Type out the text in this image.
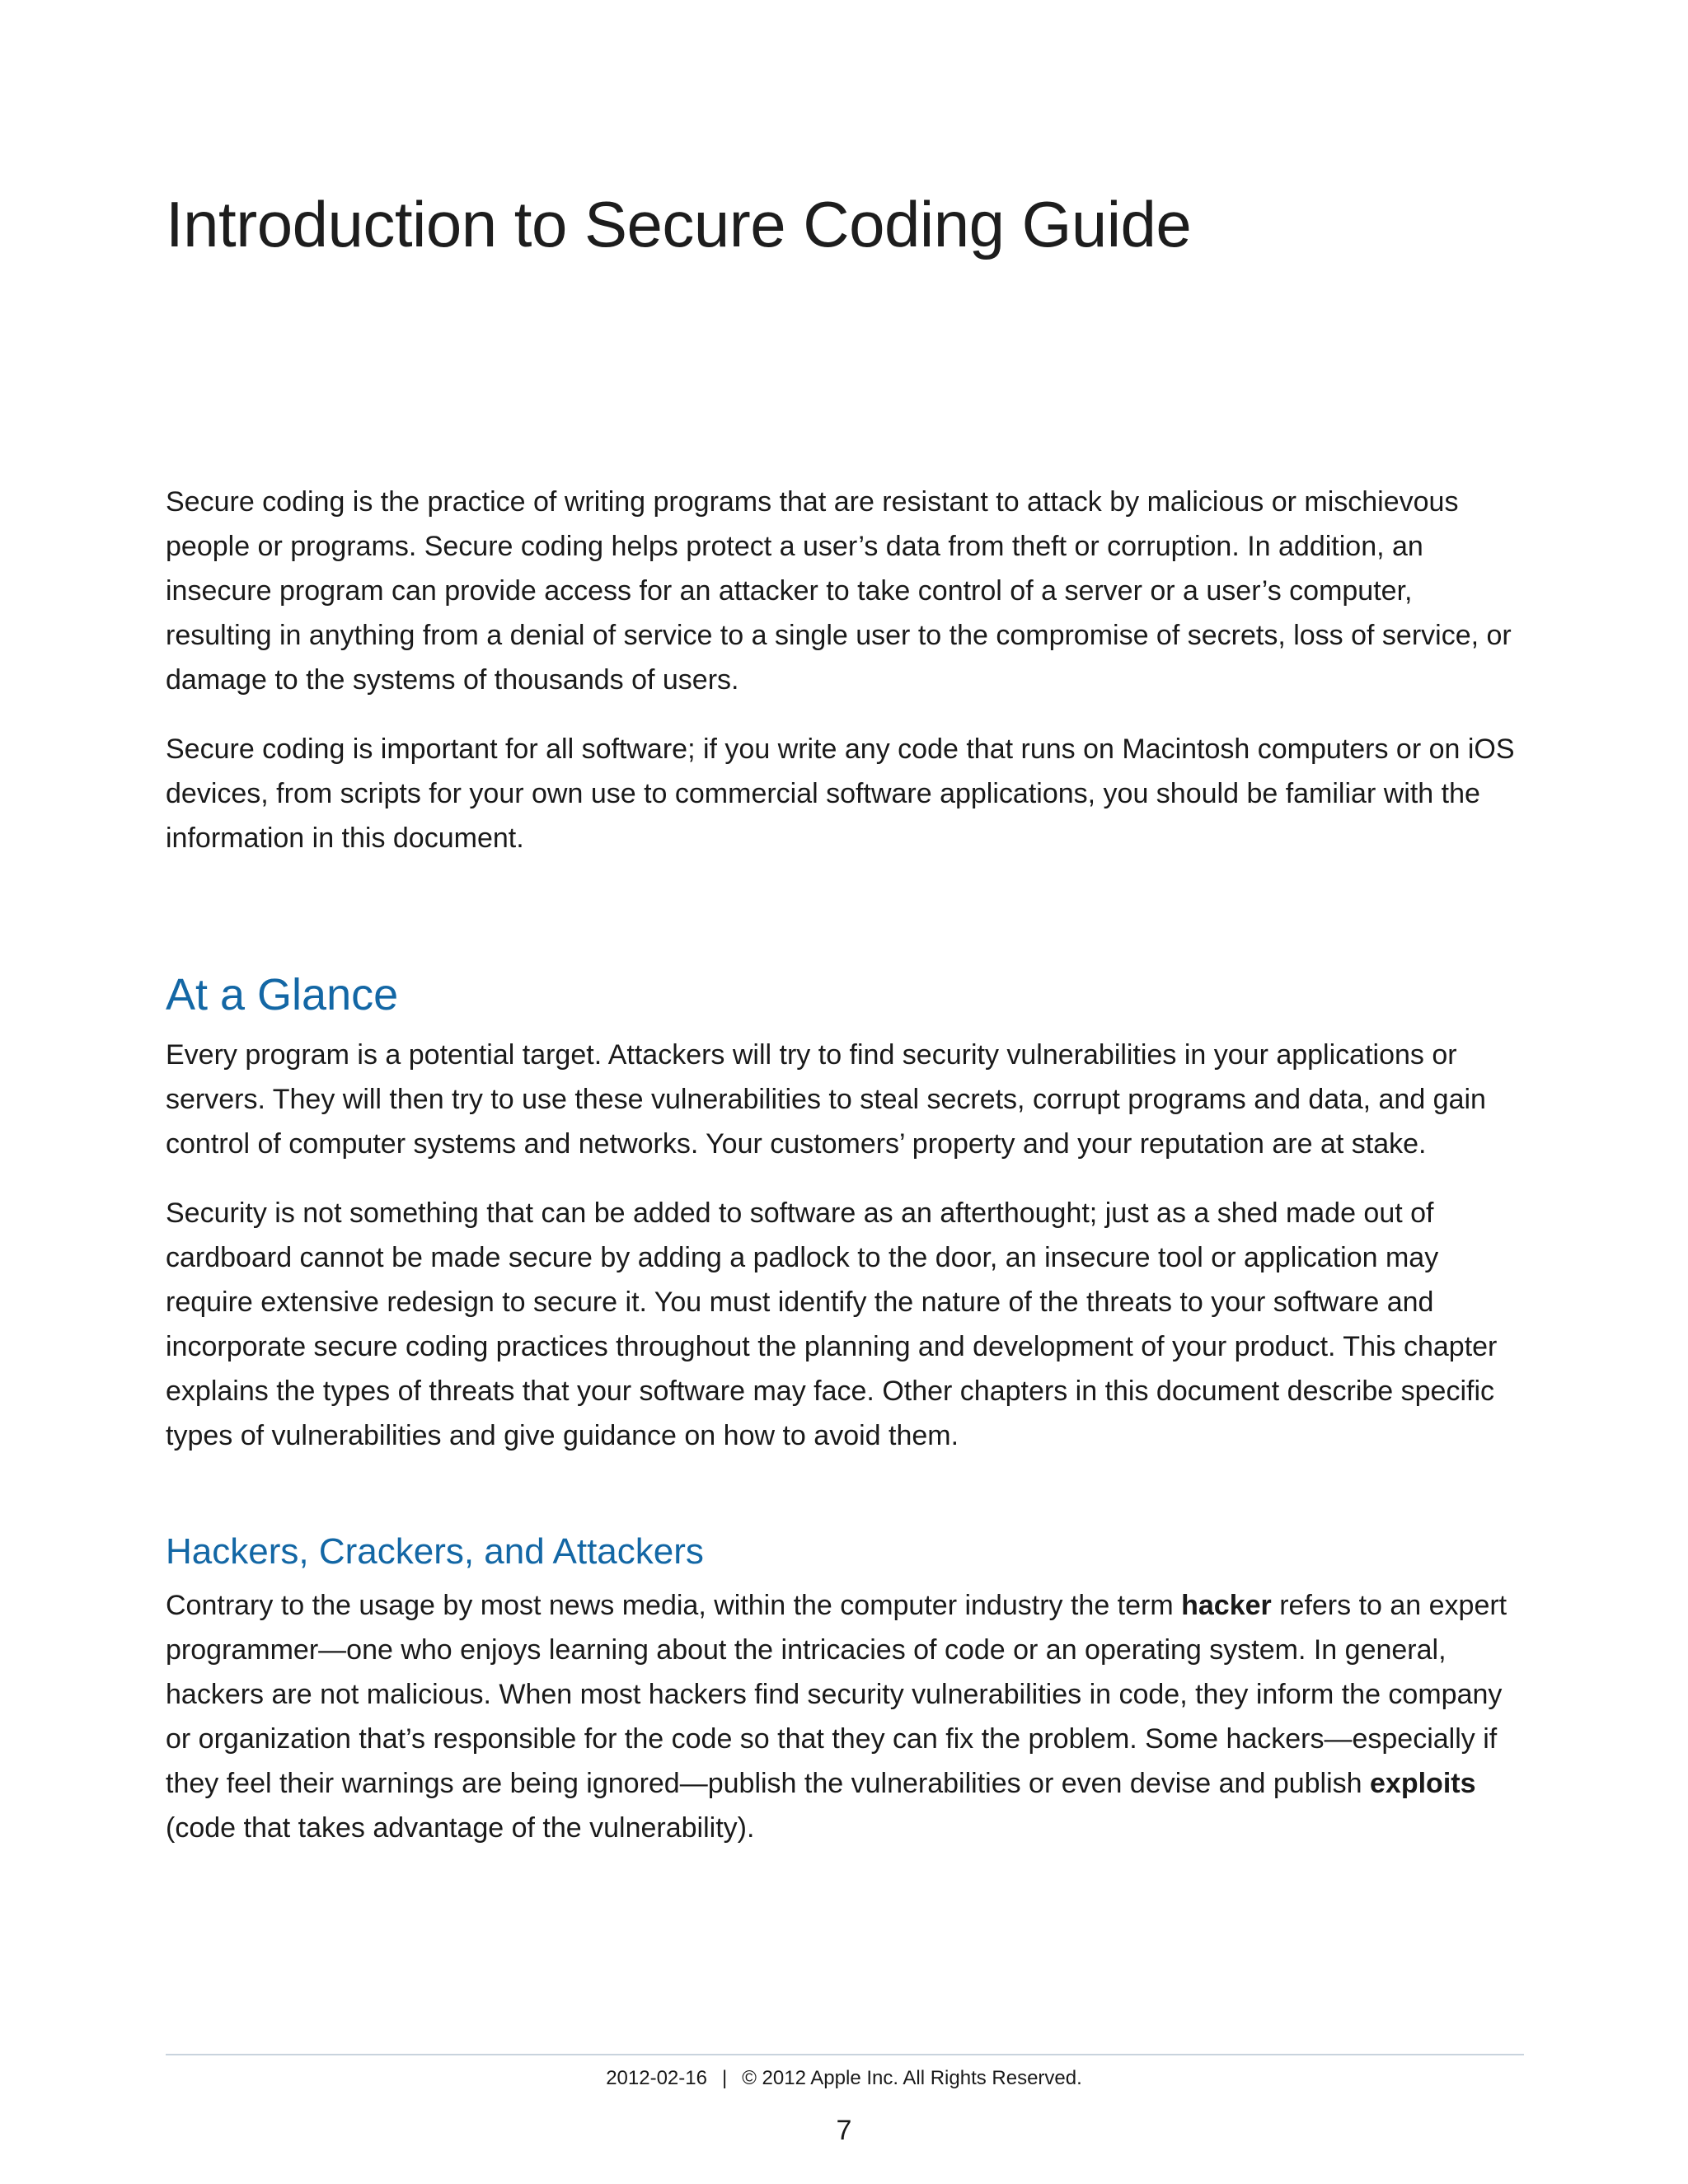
Introduction to Secure Coding Guide

Secure coding is the practice of writing programs that are resistant to attack by malicious or mischievous people or programs. Secure coding helps protect a user’s data from theft or corruption. In addition, an insecure program can provide access for an attacker to take control of a server or a user’s computer, resulting in anything from a denial of service to a single user to the compromise of secrets, loss of service, or damage to the systems of thousands of users.

Secure coding is important for all software; if you write any code that runs on Macintosh computers or on iOS devices, from scripts for your own use to commercial software applications, you should be familiar with the information in this document.

At a Glance

Every program is a potential target. Attackers will try to find security vulnerabilities in your applications or servers. They will then try to use these vulnerabilities to steal secrets, corrupt programs and data, and gain control of computer systems and networks. Your customers’ property and your reputation are at stake.

Security is not something that can be added to software as an afterthought; just as a shed made out of cardboard cannot be made secure by adding a padlock to the door, an insecure tool or application may require extensive redesign to secure it. You must identify the nature of the threats to your software and incorporate secure coding practices throughout the planning and development of your product. This chapter explains the types of threats that your software may face. Other chapters in this document describe specific types of vulnerabilities and give guidance on how to avoid them.

Hackers, Crackers, and Attackers

Contrary to the usage by most news media, within the computer industry the term hacker refers to an expert programmer—one who enjoys learning about the intricacies of code or an operating system. In general, hackers are not malicious. When most hackers find security vulnerabilities in code, they inform the company or organization that’s responsible for the code so that they can fix the problem. Some hackers—especially if they feel their warnings are being ignored—publish the vulnerabilities or even devise and publish exploits (code that takes advantage of the vulnerability).

2012-02-16 | © 2012 Apple Inc. All Rights Reserved.
7
